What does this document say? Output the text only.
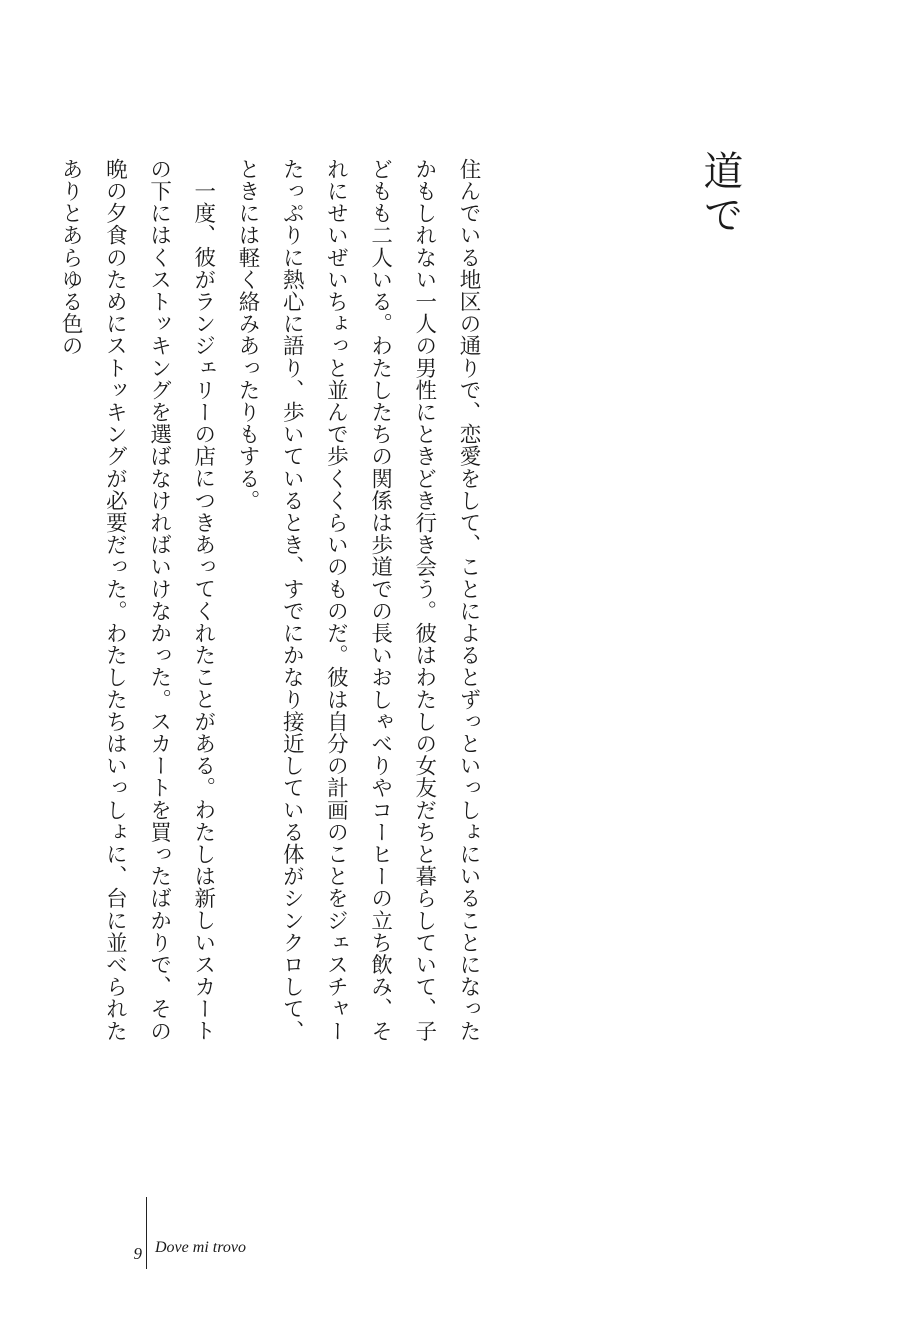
道で

住んでいる地区の通りで、恋愛をして、ことによるとずっといっしょにいることになったかもしれない一人の男性にときどき行き会う。彼はわたしの女友だちと暮らしていて、子どもも二人いる。わたしたちの関係は歩道での長いおしゃべりやコーヒーの立ち飲み、それにせいぜいちょっと並んで歩くくらいのものだ。彼は自分の計画のことをジェスチャーたっぷりに熱心に語り、歩いているとき、すでにかなり接近している体がシンクロして、ときには軽く絡みあったりもする。

一度、彼がランジェリーの店につきあってくれたことがある。わたしは新しいスカートの下にはくストッキングを選ばなければいけなかった。スカートを買ったばかりで、その晩の夕食のためにストッキングが必要だった。わたしたちはいっしょに、台に並べられたありとあらゆる色の

9 Dove mi trovo
